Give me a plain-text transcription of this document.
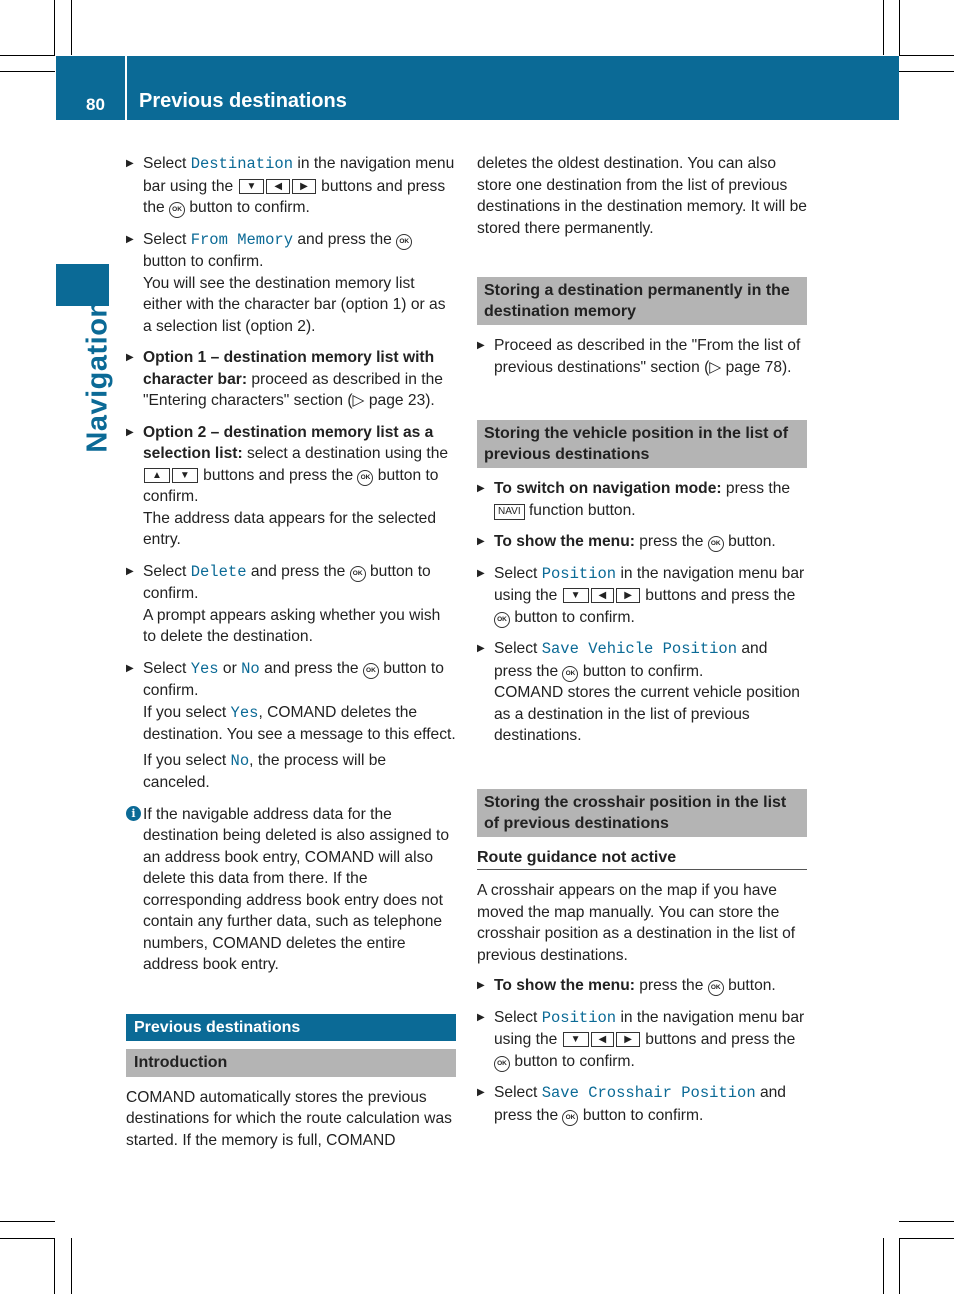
80 Previous destinations
Navigation
▶ Select Destination in the navigation menu bar using the ▼ ◀ ▶ buttons and press the OK button to confirm.
▶ Select From Memory and press the OK button to confirm.

You will see the destination memory list either with the character bar (option 1) or as a selection list (option 2).

▶ Option 1 – destination memory list with character bar: proceed as described in the "Entering characters" section (▷ page 23).
▶ Option 2 – destination memory list as a selection list: select a destination using the ▲ ▼ buttons and press the OK button to confirm.

The address data appears for the selected entry.

▶ Select Delete and press the OK button to confirm.

A prompt appears asking whether you wish to delete the destination.

▶ Select Yes or No and press the OK button to confirm.

If you select Yes, COMAND deletes the destination. You see a message to this effect.

If you select No, the process will be canceled.

i If the navigable address data for the destination being deleted is also assigned to an address book entry, COMAND will also delete this data from there. If the corresponding address book entry does not contain any further data, such as telephone numbers, COMAND deletes the entire address book entry.
Previous destinations
Introduction

COMAND automatically stores the previous destinations for which the route calculation was started. If the memory is full, COMAND

deletes the oldest destination. You can also store one destination from the list of previous destinations in the destination memory. It will be stored there permanently.

Storing a destination permanently in the destination memory
▶ Proceed as described in the "From the list of previous destinations" section (▷ page 78).
Storing the vehicle position in the list of previous destinations
▶ To switch on navigation mode: press the NAVI function button.
▶ To show the menu: press the OK button.
▶ Select Position in the navigation menu bar using the ▼ ◀ ▶ buttons and press the OK button to confirm.
▶ Select Save Vehicle Position and press the OK button to confirm.

COMAND stores the current vehicle position as a destination in the list of previous destinations.

Storing the crosshair position in the list of previous destinations
Route guidance not active

A crosshair appears on the map if you have moved the map manually. You can store the crosshair position as a destination in the list of previous destinations.

▶ To show the menu: press the OK button.
▶ Select Position in the navigation menu bar using the ▼ ◀ ▶ buttons and press the OK button to confirm.
▶ Select Save Crosshair Position and press the OK button to confirm.
